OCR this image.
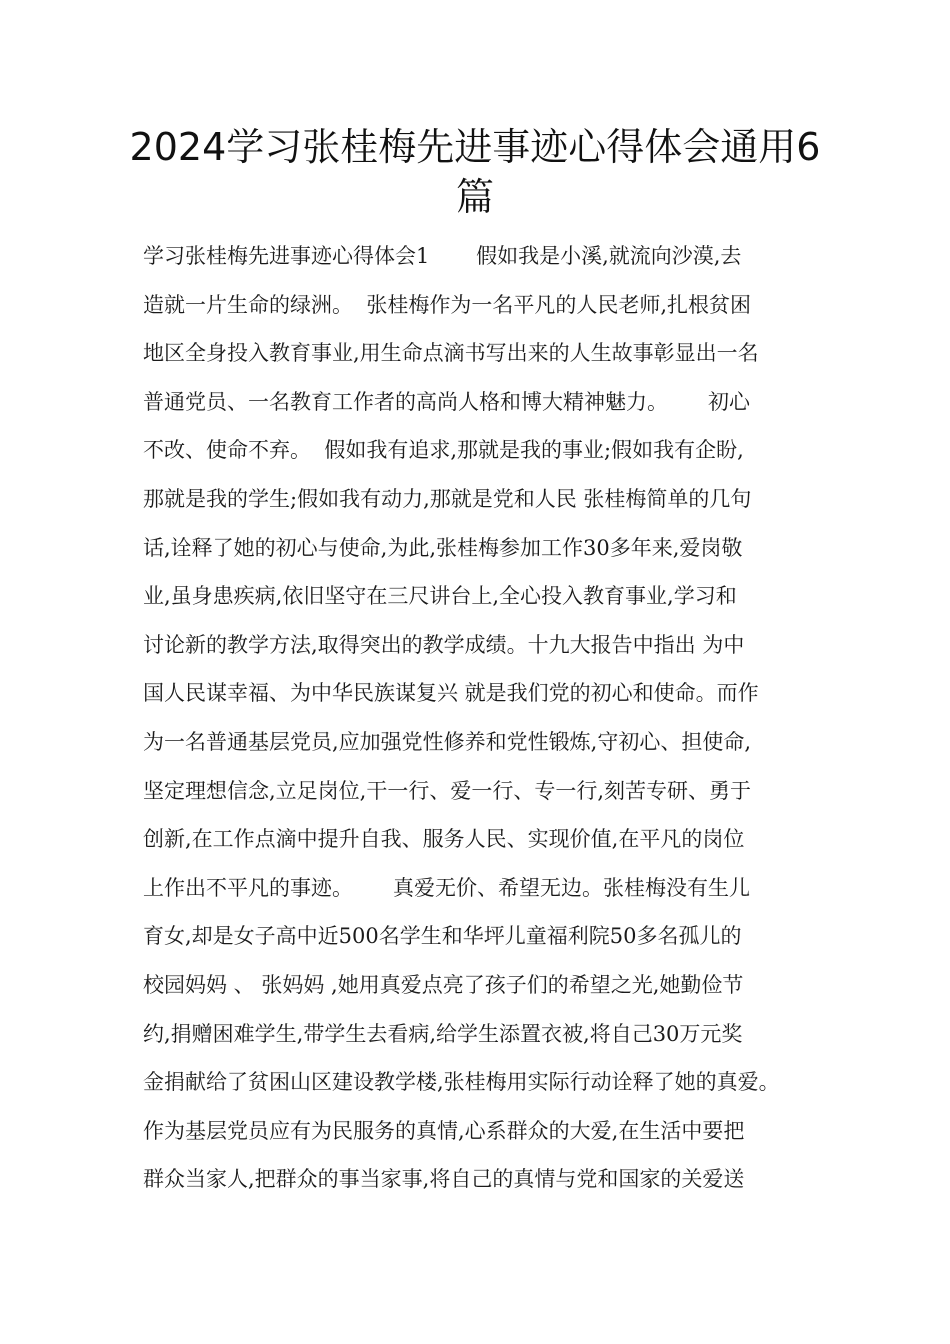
2024学习张桂梅先进事迹心得体会通用6篇
学习张桂梅先进事迹心得体会1       假如我是小溪,就流向沙漠,去
造就一片生命的绿洲。  张桂梅作为一名平凡的人民老师,扎根贫困
地区全身投入教育事业,用生命点滴书写出来的人生故事彰显出一名
普通党员、一名教育工作者的高尚人格和博大精神魅力。      初心
不改、使命不弃。  假如我有追求,那就是我的事业;假如我有企盼,
那就是我的学生;假如我有动力,那就是党和人民 张桂梅简单的几句
话,诠释了她的初心与使命,为此,张桂梅参加工作30多年来,爱岗敬
业,虽身患疾病,依旧坚守在三尺讲台上,全心投入教育事业,学习和
讨论新的教学方法,取得突出的教学成绩。十九大报告中指出 为中
国人民谋幸福、为中华民族谋复兴 就是我们党的初心和使命。而作
为一名普通基层党员,应加强党性修养和党性锻炼,守初心、担使命,
坚定理想信念,立足岗位,干一行、爱一行、专一行,刻苦专研、勇于
创新,在工作点滴中提升自我、服务人民、实现价值,在平凡的岗位
上作出不平凡的事迹。      真爱无价、希望无边。张桂梅没有生儿
育女,却是女子高中近500名学生和华坪儿童福利院50多名孤儿的
校园妈妈 、 张妈妈 ,她用真爱点亮了孩子们的希望之光,她勤俭节
约,捐赠困难学生,带学生去看病,给学生添置衣被,将自己30万元奖
金捐献给了贫困山区建设教学楼,张桂梅用实际行动诠释了她的真爱。
作为基层党员应有为民服务的真情,心系群众的大爱,在生活中要把
群众当家人,把群众的事当家事,将自己的真情与党和国家的关爱送
